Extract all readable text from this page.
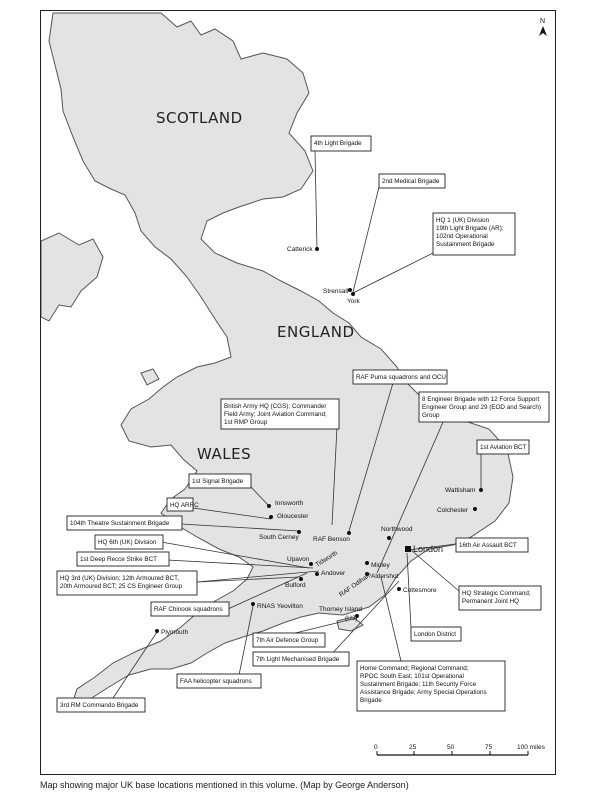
SCOTLAND
ENGLAND
WALES
Catterick
Strensall
York
Innsworth
Gloucester
South Cerney RAF Benson
Northwood
London
Colchester
Wattisham
Upavon
Andover
Tidworth
Bulford
Minley
Aldershot
RAF Odiham	Cottesmore
RNAS Yeovilton Thorney Island
(UJ)
Plymouth
4th Light Brigade
2nd Medical Brigade
HQ 1 (UK) Division
19th Light Brigade (AR);
102nd Operational
Sustainment Brigade
RAF Puma squadrons and OCU
British Army HQ (CGS); Commander
Field Army; Joint Aviation Command;
1st RMP Group
8 Engineer Brigade with 12 Force Support
Engineer Group and 29 (EOD and Search)
Group
1st Aviation BCT
1st Signal Brigade
HQ ARRC
104th Theatre Sustainment Brigade
HQ 6th (UK) Division
1st Deep Recce Strike BCT
HQ 3rd (UK) Division; 12th Armoured BCT,
20th Armoured BCT; 25 CS Engineer Group
16th Air Assault BCT
HQ Strategic Command;
Permanent Joint HQ
RAF Chinook squadrons
7th Air Defence Group
London District
7th Light Mechanised Brigade
Home Command; Regional Command;
RPOC South East; 101st Operational
Sustainment Brigade; 11th Security Force
Assistance Brigade; Army Special Operations
Brigade
FAA helicopter squadrons
3rd RM Commando Brigade
0	25	50	75	100 miles
N
Map showing major UK base locations mentioned in this volume. (Map by George Anderson)
